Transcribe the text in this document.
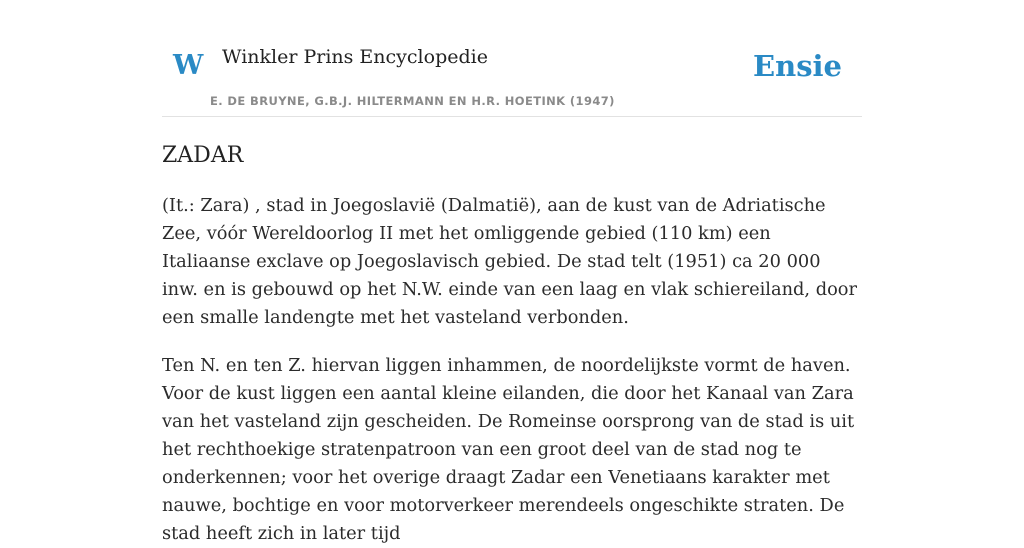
W Winkler Prins Encyclopedie
E. DE BRUYNE, G.B.J. HILTERMANN EN H.R. HOETINK (1947)
Ensie
ZADAR

(It.: Zara) , stad in Joegoslavië (Dalmatië), aan de kust van de Adriatische Zee, vóór Wereldoorlog II met het omliggende gebied (110 km) een Italiaanse exclave op Joegoslavisch gebied. De stad telt (1951) ca 20 000 inw. en is gebouwd op het N.W. einde van een laag en vlak schiereiland, door een smalle landengte met het vasteland verbonden.

Ten N. en ten Z. hiervan liggen inhammen, de noordelijkste vormt de haven. Voor de kust liggen een aantal kleine eilanden, die door het Kanaal van Zara van het vasteland zijn gescheiden. De Romeinse oorsprong van de stad is uit het rechthoekige stratenpatroon van een groot deel van de stad nog te onderkennen; voor het overige draagt Zadar een Venetiaans karakter met nauwe, bochtige en voor motorverkeer merendeels ongeschikte straten. De stad heeft zich in later tijd
